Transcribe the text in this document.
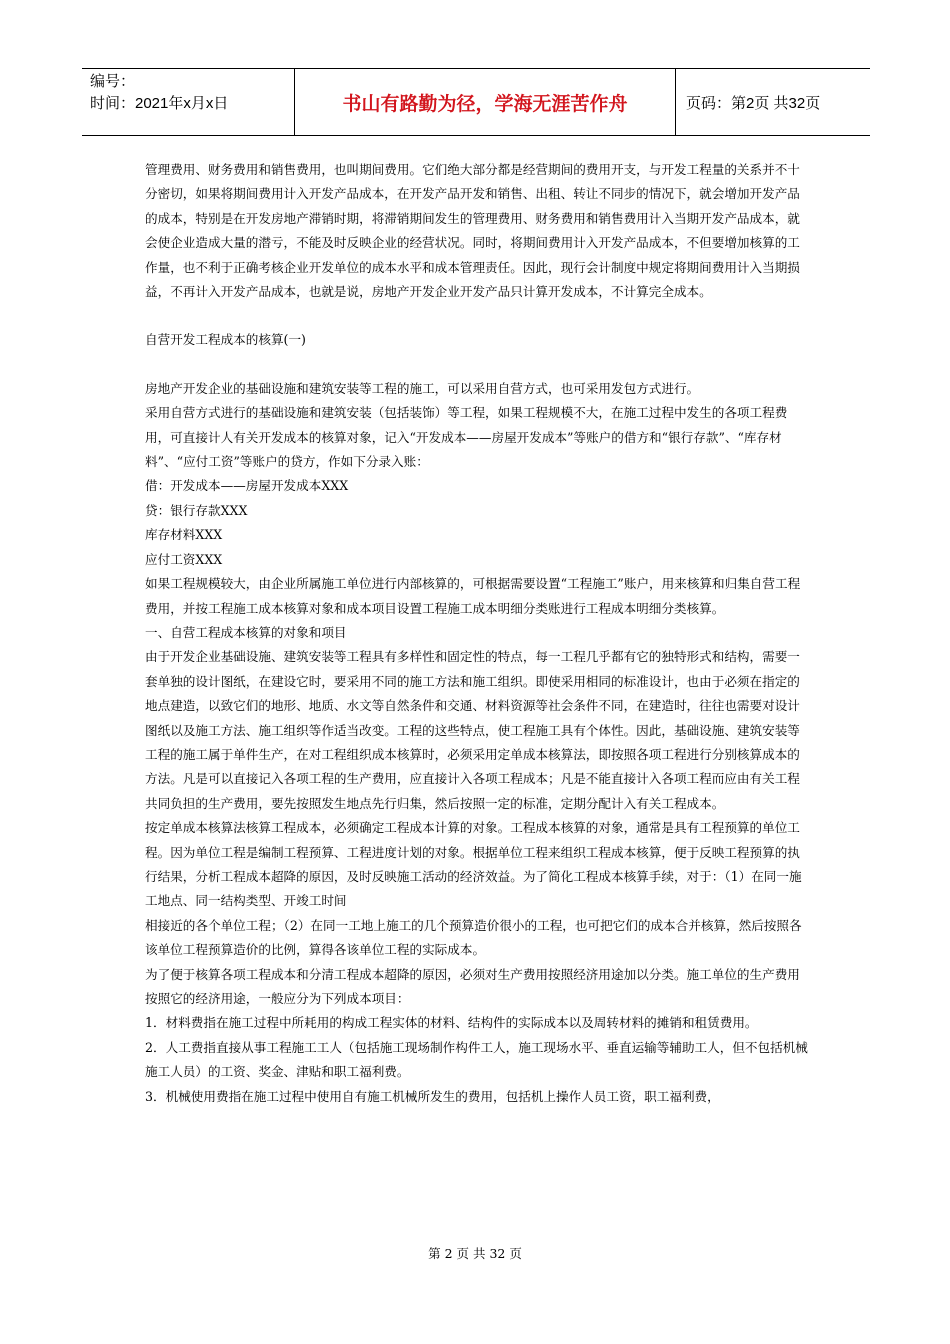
编号：
时间：2021年x月x日	书山有路勤为径，学海无涯苦作舟	页码：第2页 共32页

管理费用、财务费用和销售费用，也叫期间费用。它们绝大部分都是经营期间的费用开支，与开发工程量的关系并不十分密切，如果将期间费用计入开发产品成本，在开发产品开发和销售、出租、转让不同步的情况下，就会增加开发产品的成本，特别是在开发房地产滞销时期，将滞销期间发生的管理费用、财务费用和销售费用计入当期开发产品成本，就会使企业造成大量的潜亏，不能及时反映企业的经营状况。同时，将期间费用计入开发产品成本，不但要增加核算的工作量，也不利于正确考核企业开发单位的成本水平和成本管理责任。因此，现行会计制度中规定将期间费用计入当期损益，不再计入开发产品成本，也就是说，房地产开发企业开发产品只计算开发成本，不计算完全成本。

自营开发工程成本的核算(一)

房地产开发企业的基础设施和建筑安装等工程的施工，可以采用自营方式，也可采用发包方式进行。

采用自营方式进行的基础设施和建筑安装（包括装饰）等工程，如果工程规模不大，在施工过程中发生的各项工程费用，可直接计人有关开发成本的核算对象，记入“开发成本——房屋开发成本”等账户的借方和“银行存款”、“库存材料”、“应付工资”等账户的贷方，作如下分录入账：

借：开发成本——房屋开发成本XXX

贷：银行存款XXX

库存材料XXX

应付工资XXX

如果工程规模较大，由企业所属施工单位进行内部核算的，可根据需要设置“工程施工”账户，用来核算和归集自营工程费用，并按工程施工成本核算对象和成本项目设置工程施工成本明细分类账进行工程成本明细分类核算。

一、自营工程成本核算的对象和项目

由于开发企业基础设施、建筑安装等工程具有多样性和固定性的特点，每一工程几乎都有它的独特形式和结构，需要一套单独的设计图纸，在建设它时，要采用不同的施工方法和施工组织。即使采用相同的标准设计，也由于必须在指定的地点建造，以致它们的地形、地质、水文等自然条件和交通、材料资源等社会条件不同，在建造时，往往也需要对设计图纸以及施工方法、施工组织等作适当改变。工程的这些特点，使工程施工具有个体性。因此，基础设施、建筑安装等工程的施工属于单件生产，在对工程组织成本核算时，必须采用定单成本核算法，即按照各项工程进行分别核算成本的方法。凡是可以直接记入各项工程的生产费用，应直接计入各项工程成本；凡是不能直接计入各项工程而应由有关工程共同负担的生产费用，要先按照发生地点先行归集，然后按照一定的标准，定期分配计入有关工程成本。

按定单成本核算法核算工程成本，必须确定工程成本计算的对象。工程成本核算的对象，通常是具有工程预算的单位工程。因为单位工程是编制工程预算、工程进度计划的对象。根据单位工程来组织工程成本核算，便于反映工程预算的执行结果，分析工程成本超降的原因，及时反映施工活动的经济效益。为了简化工程成本核算手续，对于：（1）在同一施工地点、同一结构类型、开竣工时间

相接近的各个单位工程；（2）在同一工地上施工的几个预算造价很小的工程，也可把它们的成本合并核算，然后按照各该单位工程预算造价的比例，算得各该单位工程的实际成本。

为了便于核算各项工程成本和分清工程成本超降的原因，必须对生产费用按照经济用途加以分类。施工单位的生产费用按照它的经济用途，一般应分为下列成本项目：

1．材料费指在施工过程中所耗用的构成工程实体的材料、结构件的实际成本以及周转材料的摊销和租赁费用。

2．人工费指直接从事工程施工工人（包括施工现场制作构件工人，施工现场水平、垂直运输等辅助工人，但不包括机械施工人员）的工资、奖金、津贴和职工福利费。

3．机械使用费指在施工过程中使用自有施工机械所发生的费用，包括机上操作人员工资，职工福利费，

第 2 页 共 32 页
